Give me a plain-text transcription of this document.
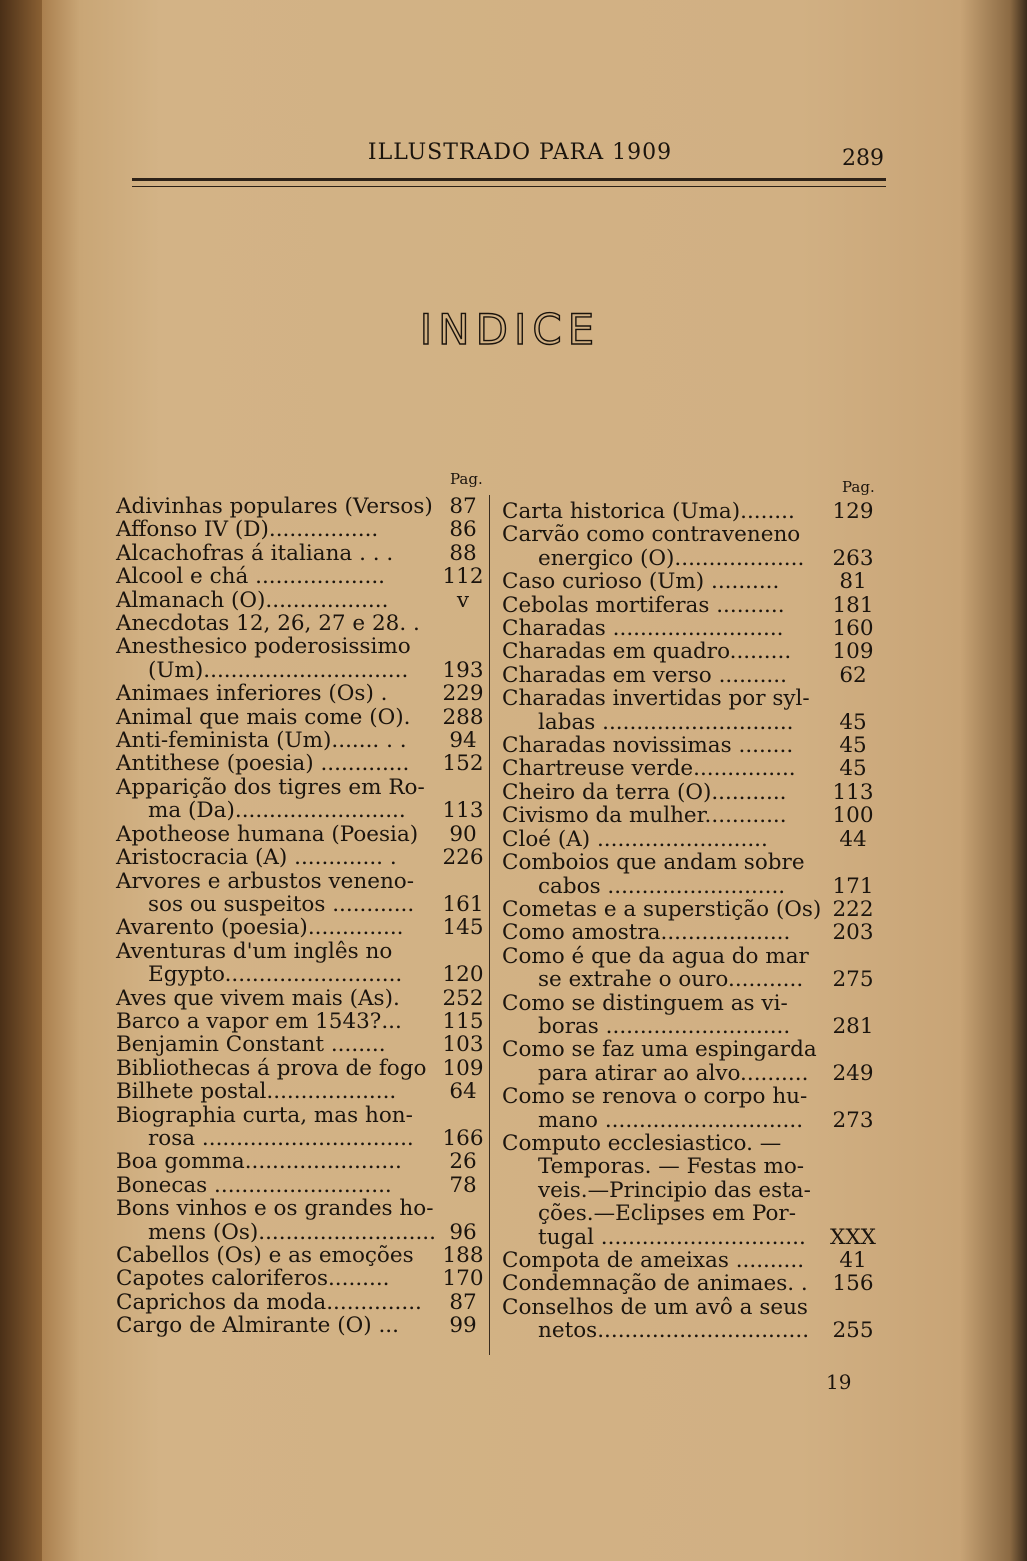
ILLUSTRADO PARA 1909	289
INDICE
Pag.	Pag.
Adivinhas populares (Versos) 87
Affonso IV (D)................	86
Alcachofras á italiana . . .	88
Alcool e chá ...................	112
Almanach (O)..................	v
Anecdotas 12, 26, 27 e 28. .
Anesthesico poderosissimo
(Um)..............................	193
Animaes inferiores (Os) .	229
Animal que mais come (O).	288
Anti-feminista (Um)....... . .	94
Antithese (poesia) .............	152
Apparição dos tigres em Ro-
ma (Da).........................	113
Apotheose humana (Poesia)	90
Aristocracia (A) ............. .	226
Arvores e arbustos veneno-
sos ou suspeitos ............	161
Avarento (poesia)..............	145
Aventuras d'um inglês no
Egypto..........................	120
Aves que vivem mais (As).	252
Barco a vapor em 1543?...	115
Benjamin Constant ........	103
Bibliothecas á prova de fogo 109
Bilhete postal...................	64
Biographia curta, mas hon-
rosa ...............................	166
Boa gomma.......................	26
Bonecas ..........................	78
Bons vinhos e os grandes ho-
mens (Os).......................... 96
Cabellos (Os) e as emoções	188
Capotes caloriferos.........	170
Caprichos da moda..............	87
Cargo de Almirante (O) ...	99
Carta historica (Uma)........	129
Carvão como contraveneno
energico (O)...................	263
Caso curioso (Um) ..........	81
Cebolas mortiferas ..........	181
Charadas .........................	160
Charadas em quadro.........	109
Charadas em verso ..........	62
Charadas invertidas por syl-
labas ............................	45
Charadas novissimas ........	45
Chartreuse verde...............	45
Cheiro da terra (O)...........	113
Civismo da mulher............	100
Cloé (A) .........................	44
Comboios que andam sobre
cabos ..........................	171
Cometas e a superstição (Os) 222
Como amostra...................	203
Como é que da agua do mar
se extrahe o ouro...........	275
Como se distinguem as vi-
boras ...........................	281
Como se faz uma espingarda
para atirar ao alvo..........	249
Como se renova o corpo hu-
mano .............................	273
Computo ecclesiastico. —
Temporas. — Festas mo-
veis.—Principio das esta-
ções.—Eclipses em Por-
tugal ..............................	XXX
Compota de ameixas ..........	41
Condemnação de animaes. .	156
Conselhos de um avô a seus
netos...............................	255
19
